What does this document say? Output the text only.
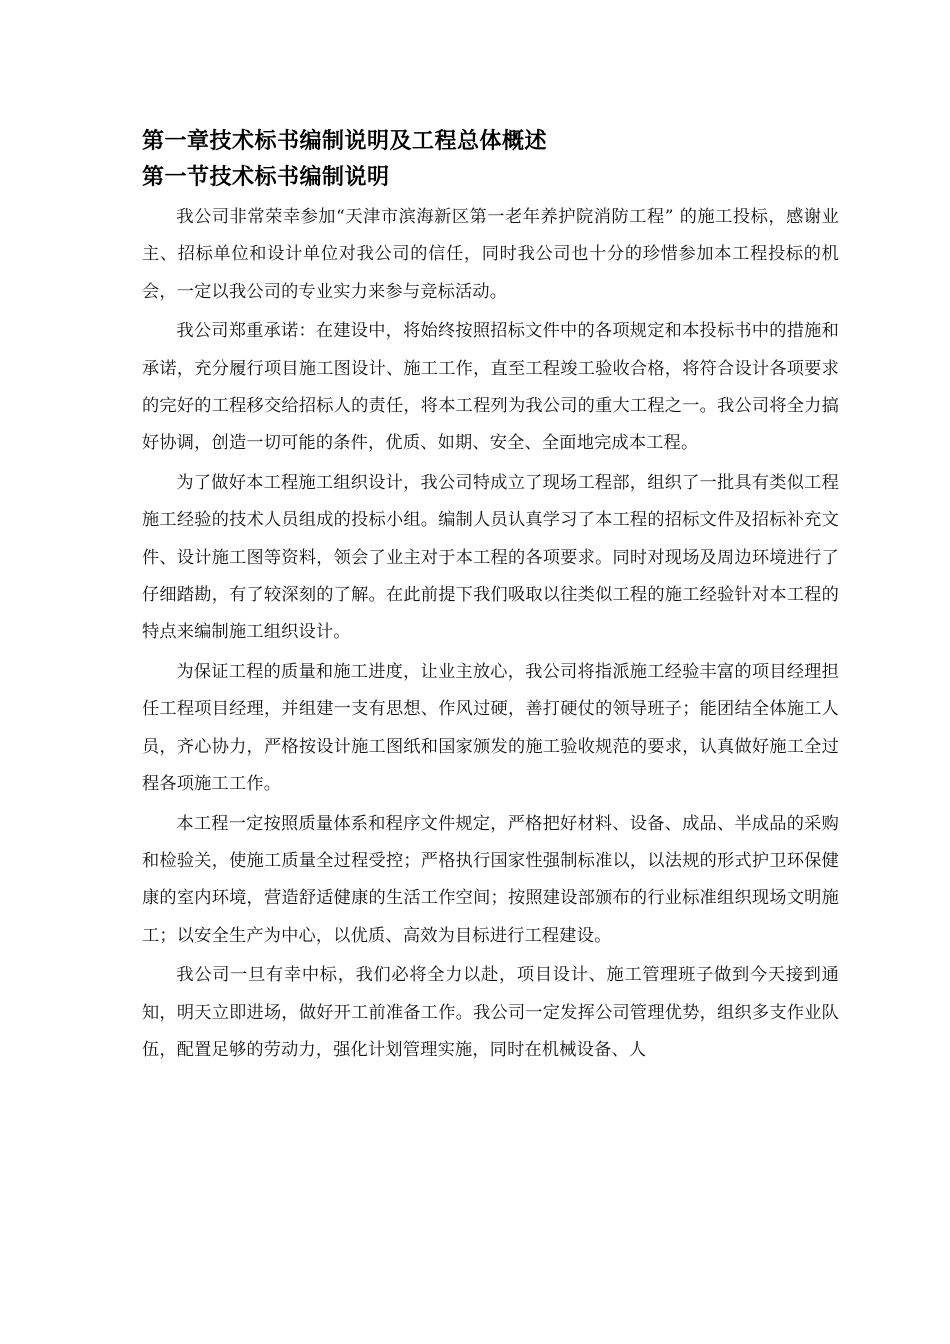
第一章技术标书编制说明及工程总体概述
第一节技术标书编制说明

我公司非常荣幸参加“天津市滨海新区第一老年养护院消防工程” 的施工投标，感谢业主、招标单位和设计单位对我公司的信任，同时我公司也十分的珍惜参加本工程投标的机会，一定以我公司的专业实力来参与竞标活动。

我公司郑重承诺：在建设中，将始终按照招标文件中的各项规定和本投标书中的措施和承诺，充分履行项目施工图设计、施工工作，直至工程竣工验收合格，将符合设计各项要求的完好的工程移交给招标人的责任，将本工程列为我公司的重大工程之一。我公司将全力搞好协调，创造一切可能的条件，优质、如期、安全、全面地完成本工程。

为了做好本工程施工组织设计，我公司特成立了现场工程部，组织了一批具有类似工程施工经验的技术人员组成的投标小组。编制人员认真学习了本工程的招标文件及招标补充文件、设计施工图等资料，领会了业主对于本工程的各项要求。同时对现场及周边环境进行了仔细踏勘，有了较深刻的了解。在此前提下我们吸取以往类似工程的施工经验针对本工程的特点来编制施工组织设计。

为保证工程的质量和施工进度，让业主放心，我公司将指派施工经验丰富的项目经理担任工程项目经理，并组建一支有思想、作风过硬，善打硬仗的领导班子；能团结全体施工人员，齐心协力，严格按设计施工图纸和国家颁发的施工验收规范的要求，认真做好施工全过程各项施工工作。

本工程一定按照质量体系和程序文件规定，严格把好材料、设备、成品、半成品的采购和检验关，使施工质量全过程受控；严格执行国家性强制标准以，以法规的形式护卫环保健康的室内环境，营造舒适健康的生活工作空间；按照建设部颁布的行业标准组织现场文明施工；以安全生产为中心，以优质、高效为目标进行工程建设。

我公司一旦有幸中标，我们必将全力以赴，项目设计、施工管理班子做到今天接到通知，明天立即进场，做好开工前准备工作。我公司一定发挥公司管理优势，组织多支作业队伍，配置足够的劳动力，强化计划管理实施，同时在机械设备、人
